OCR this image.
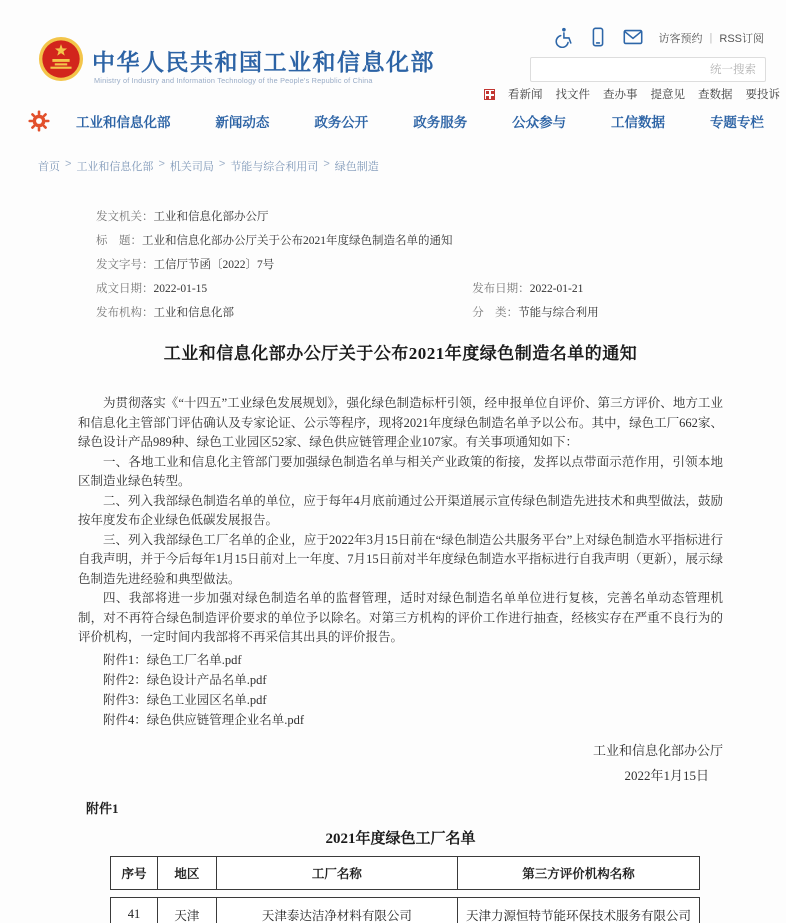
中华人民共和国工业和信息化部
Ministry of Industry and Information Technology of the People's Republic of China
访客预约 | RSS订阅
统一搜索
看新闻 找文件 查办事 提意见 查数据 要投诉
工业和信息化部	新闻动态	政务公开	政务服务	公众参与	工信数据	专题专栏
首页 > 工业和信息化部 > 机关司局 > 节能与综合利用司 > 绿色制造
发文机关： 工业和信息化部办公厅
标　题： 工业和信息化部办公厅关于公布2021年度绿色制造名单的通知
发文字号： 工信厅节函〔2022〕7号
成文日期： 2022-01-15	发布日期： 2022-01-21
发布机构： 工业和信息化部	分　类： 节能与综合利用
工业和信息化部办公厅关于公布2021年度绿色制造名单的通知

为贯彻落实《“十四五”工业绿色发展规划》，强化绿色制造标杆引领，经申报单位自评价、第三方评价、地方工业和信息化主管部门评估确认及专家论证、公示等程序，现将2021年度绿色制造名单予以公布。其中，绿色工厂662家、绿色设计产品989种、绿色工业园区52家、绿色供应链管理企业107家。有关事项通知如下：

一、各地工业和信息化主管部门要加强绿色制造名单与相关产业政策的衔接，发挥以点带面示范作用，引领本地区制造业绿色转型。

二、列入我部绿色制造名单的单位，应于每年4月底前通过公开渠道展示宣传绿色制造先进技术和典型做法，鼓励按年度发布企业绿色低碳发展报告。

三、列入我部绿色工厂名单的企业，应于2022年3月15日前在“绿色制造公共服务平台”上对绿色制造水平指标进行自我声明，并于今后每年1月15日前对上一年度、7月15日前对半年度绿色制造水平指标进行自我声明（更新），展示绿色制造先进经验和典型做法。

四、我部将进一步加强对绿色制造名单的监督管理，适时对绿色制造名单单位进行复核，完善名单动态管理机制，对不再符合绿色制造评价要求的单位予以除名。对第三方机构的评价工作进行抽查，经核实存在严重不良行为的评价机构，一定时间内我部将不再采信其出具的评价报告。

附件1：绿色工厂名单.pdf
附件2：绿色设计产品名单.pdf
附件3：绿色工业园区名单.pdf
附件4：绿色供应链管理企业名单.pdf
工业和信息化部办公厅
2022年1月15日
附件1
2021年度绿色工厂名单
序号	地区	工厂名称	第三方评价机构名称
41	天津	天津泰达洁净材料有限公司	天津力源恒特节能环保技术服务有限公司
